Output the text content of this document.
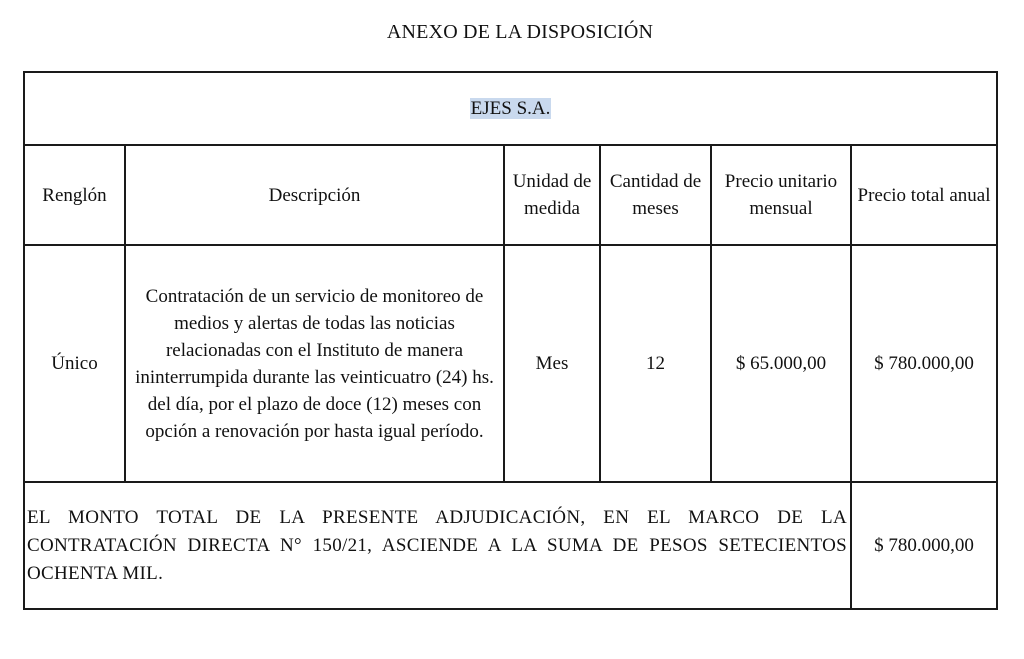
ANEXO DE LA DISPOSICIÓN
EJES S.A.					
Renglón	Descripción	Unidad de medida	Cantidad de meses	Precio unitario mensual	Precio total anual
Único	Contratación de un servicio de monitoreo de medios y alertas de todas las noticias relacionadas con el Instituto de manera ininterrumpida durante las veinticuatro (24) hs. del día, por el plazo de doce (12) meses con opción a renovación por hasta igual período.	Mes	12	$ 65.000,00	$ 780.000,00
EL MONTO TOTAL DE LA PRESENTE ADJUDICACIÓN, EN EL MARCO DE LA CONTRATACIÓN DIRECTA N° 150/21, ASCIENDE A LA SUMA DE PESOS SETECIENTOS OCHENTA MIL.					$ 780.000,00
